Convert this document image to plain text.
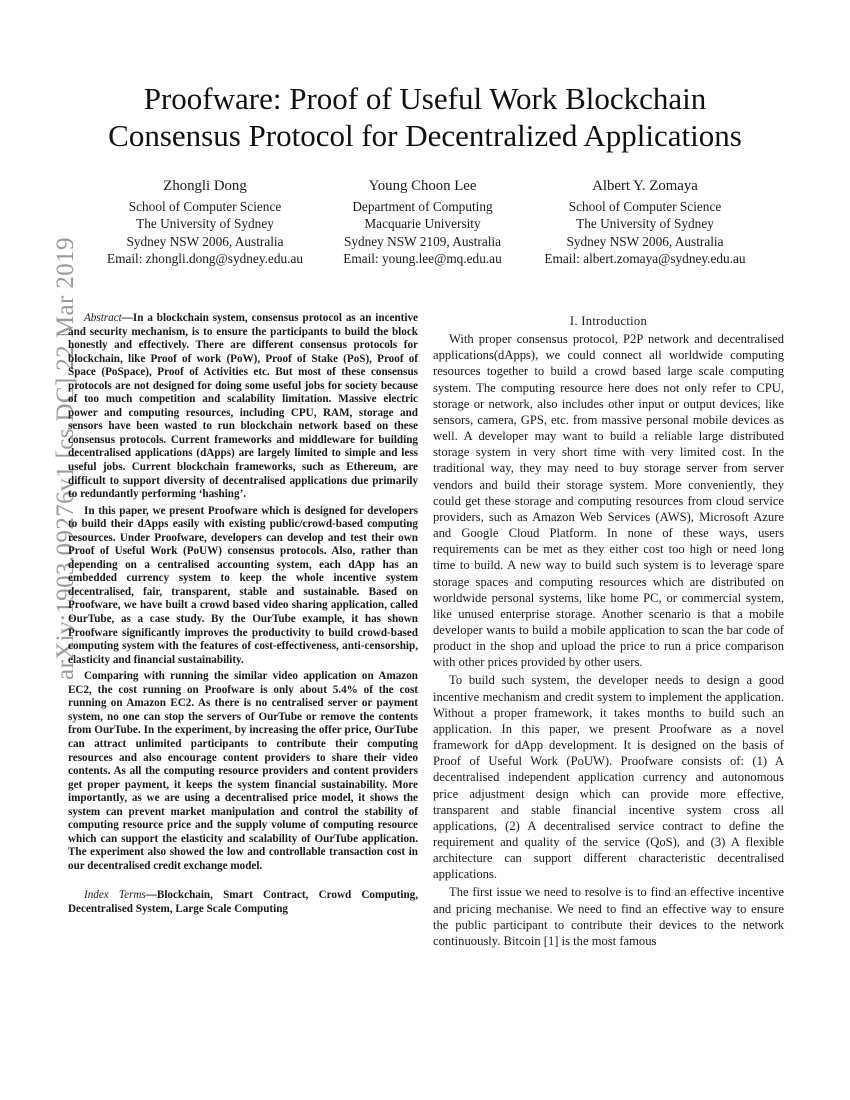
Proofware: Proof of Useful Work Blockchain
Consensus Protocol for Decentralized Applications
Zhongli Dong
School of Computer Science
The University of Sydney
Sydney NSW 2006, Australia
Email: zhongli.dong@sydney.edu.au
Young Choon Lee
Department of Computing
Macquarie University
Sydney NSW 2109, Australia
Email: young.lee@mq.edu.au
Albert Y. Zomaya
School of Computer Science
The University of Sydney
Sydney NSW 2006, Australia
Email: albert.zomaya@sydney.edu.au
arXiv:1903.09276v1 [cs.DC] 22 Mar 2019 Abstract—In a blockchain system, consensus protocol as an incentive and security mechanism, is to ensure the participants to build the block honestly and effectively. There are different consensus protocols for blockchain, like Proof of work (PoW), Proof of Stake (PoS), Proof of Space (PoSpace), Proof of Activities etc. But most of these consensus protocols are not designed for doing some useful jobs for society because of too much competition and scalability limitation. Massive electric power and computing resources, including CPU, RAM, storage and sensors have been wasted to run blockchain network based on these consensus protocols. Current frameworks and middleware for building decentralised applications (dApps) are largely limited to simple and less useful jobs. Current blockchain frameworks, such as Ethereum, are difficult to support diversity of decentralised applications due primarily to redundantly performing ‘hashing’.

In this paper, we present Proofware which is designed for developers to build their dApps easily with existing public/crowd-based computing resources. Under Proofware, developers can develop and test their own Proof of Useful Work (PoUW) consensus protocols. Also, rather than depending on a centralised accounting system, each dApp has an embedded currency system to keep the whole incentive system decentralised, fair, transparent, stable and sustainable. Based on Proofware, we have built a crowd based video sharing application, called OurTube, as a case study. By the OurTube example, it has shown Proofware significantly improves the productivity to build crowd-based computing system with the features of cost-effectiveness, anti-censorship, elasticity and financial sustainability.

Comparing with running the similar video application on Amazon EC2, the cost running on Proofware is only about 5.4% of the cost running on Amazon EC2. As there is no centralised server or payment system, no one can stop the servers of OurTube or remove the contents from OurTube. In the experiment, by increasing the offer price, OurTube can attract unlimited participants to contribute their computing resources and also encourage content providers to share their video contents. As all the computing resource providers and content providers get proper payment, it keeps the system financial sustainability. More importantly, as we are using a decentralised price model, it shows the system can prevent market manipulation and control the stability of computing resource price and the supply volume of computing resource which can support the elasticity and scalability of OurTube application. The experiment also showed the low and controllable transaction cost in our decentralised credit exchange model.

Index Terms—Blockchain, Smart Contract, Crowd Computing, Decentralised System, Large Scale Computing

I. Introduction

With proper consensus protocol, P2P network and decentralised applications(dApps), we could connect all worldwide computing resources together to build a crowd based large scale computing system. The computing resource here does not only refer to CPU, storage or network, also includes other input or output devices, like sensors, camera, GPS, etc. from massive personal mobile devices as well. A developer may want to build a reliable large distributed storage system in very short time with very limited cost. In the traditional way, they may need to buy storage server from server vendors and build their storage system. More conveniently, they could get these storage and computing resources from cloud service providers, such as Amazon Web Services (AWS), Microsoft Azure and Google Cloud Platform. In none of these ways, users requirements can be met as they either cost too high or need long time to build. A new way to build such system is to leverage spare storage spaces and computing resources which are distributed on worldwide personal systems, like home PC, or commercial system, like unused enterprise storage. Another scenario is that a mobile developer wants to build a mobile application to scan the bar code of product in the shop and upload the price to run a price comparison with other prices provided by other users.

To build such system, the developer needs to design a good incentive mechanism and credit system to implement the application. Without a proper framework, it takes months to build such an application. In this paper, we present Proofware as a novel framework for dApp development. It is designed on the basis of Proof of Useful Work (PoUW). Proofware consists of: (1) A decentralised independent application currency and autonomous price adjustment design which can provide more effective, transparent and stable financial incentive system cross all applications, (2) A decentralised service contract to define the requirement and quality of the service (QoS), and (3) A flexible architecture can support different characteristic decentralised applications.

The first issue we need to resolve is to find an effective incentive and pricing mechanise. We need to find an effective way to ensure the public participant to contribute their devices to the network continuously. Bitcoin [1] is the most famous
